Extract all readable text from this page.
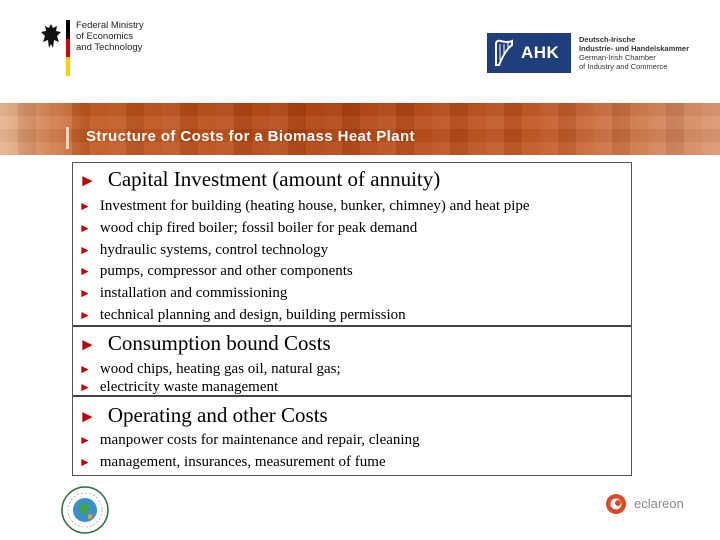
Federal Ministry
of Economics
and Technology	AHK
Deutsch-Irische
Industrie- und Handelskammer
German-Irish Chamber
of Industry and Commerce
Structure of Costs for a Biomass Heat Plant
► Capital Investment (amount of annuity)
► Investment for building (heating house, bunker, chimney) and heat pipe
► wood chip fired boiler; fossil boiler for peak demand
► hydraulic systems, control technology
► pumps, compressor and other components
► installation and commissioning
► technical planning and design, building permission
► Consumption bound Costs
► wood chips, heating gas oil, natural gas;
► electricity waste management
► Operating and other Costs
► manpower costs for maintenance and repair, cleaning
► management, insurances, measurement of fume
eclareon
